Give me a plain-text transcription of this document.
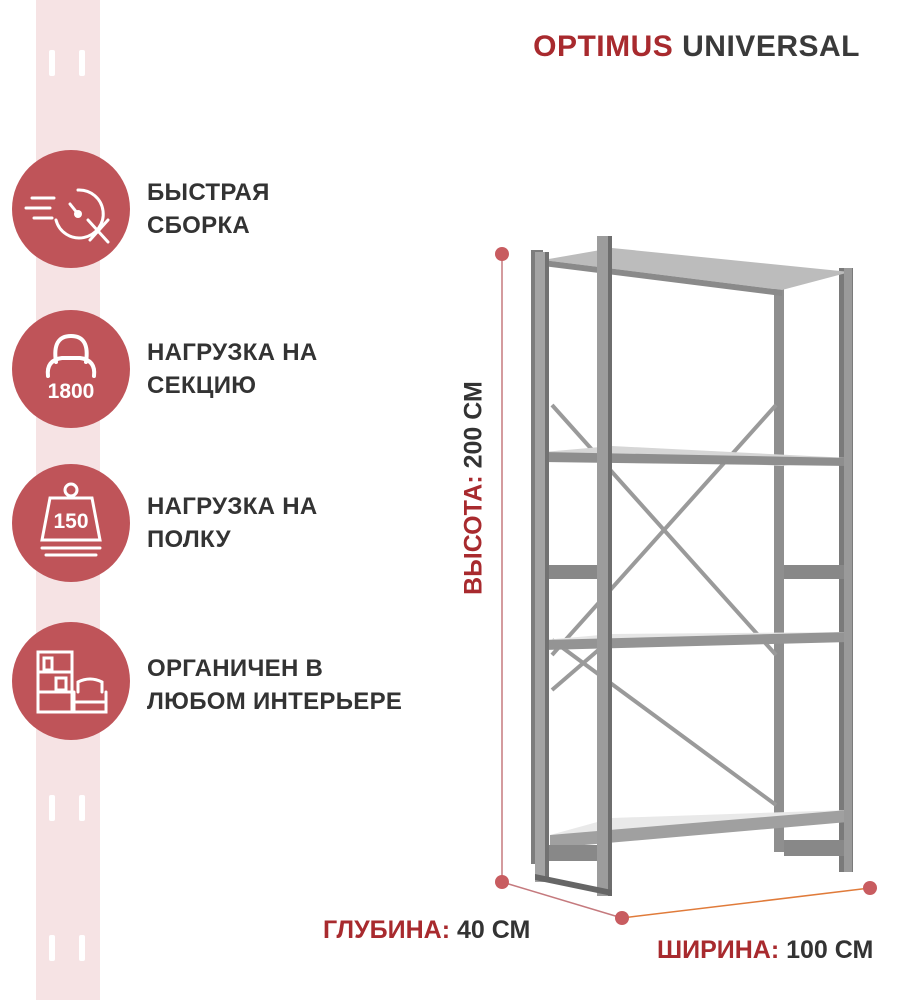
OPTIMUS UNIVERSAL
БЫСТРАЯ
СБОРКА
1800
НАГРУЗКА НА
СЕКЦИЮ
150
НАГРУЗКА НА
ПОЛКУ
ОРГАНИЧЕН В
ЛЮБОМ ИНТЕРЬЕРЕ
ВЫСОТА: 200 СМ
ГЛУБИНА: 40 СМ
ШИРИНА: 100 СМ
